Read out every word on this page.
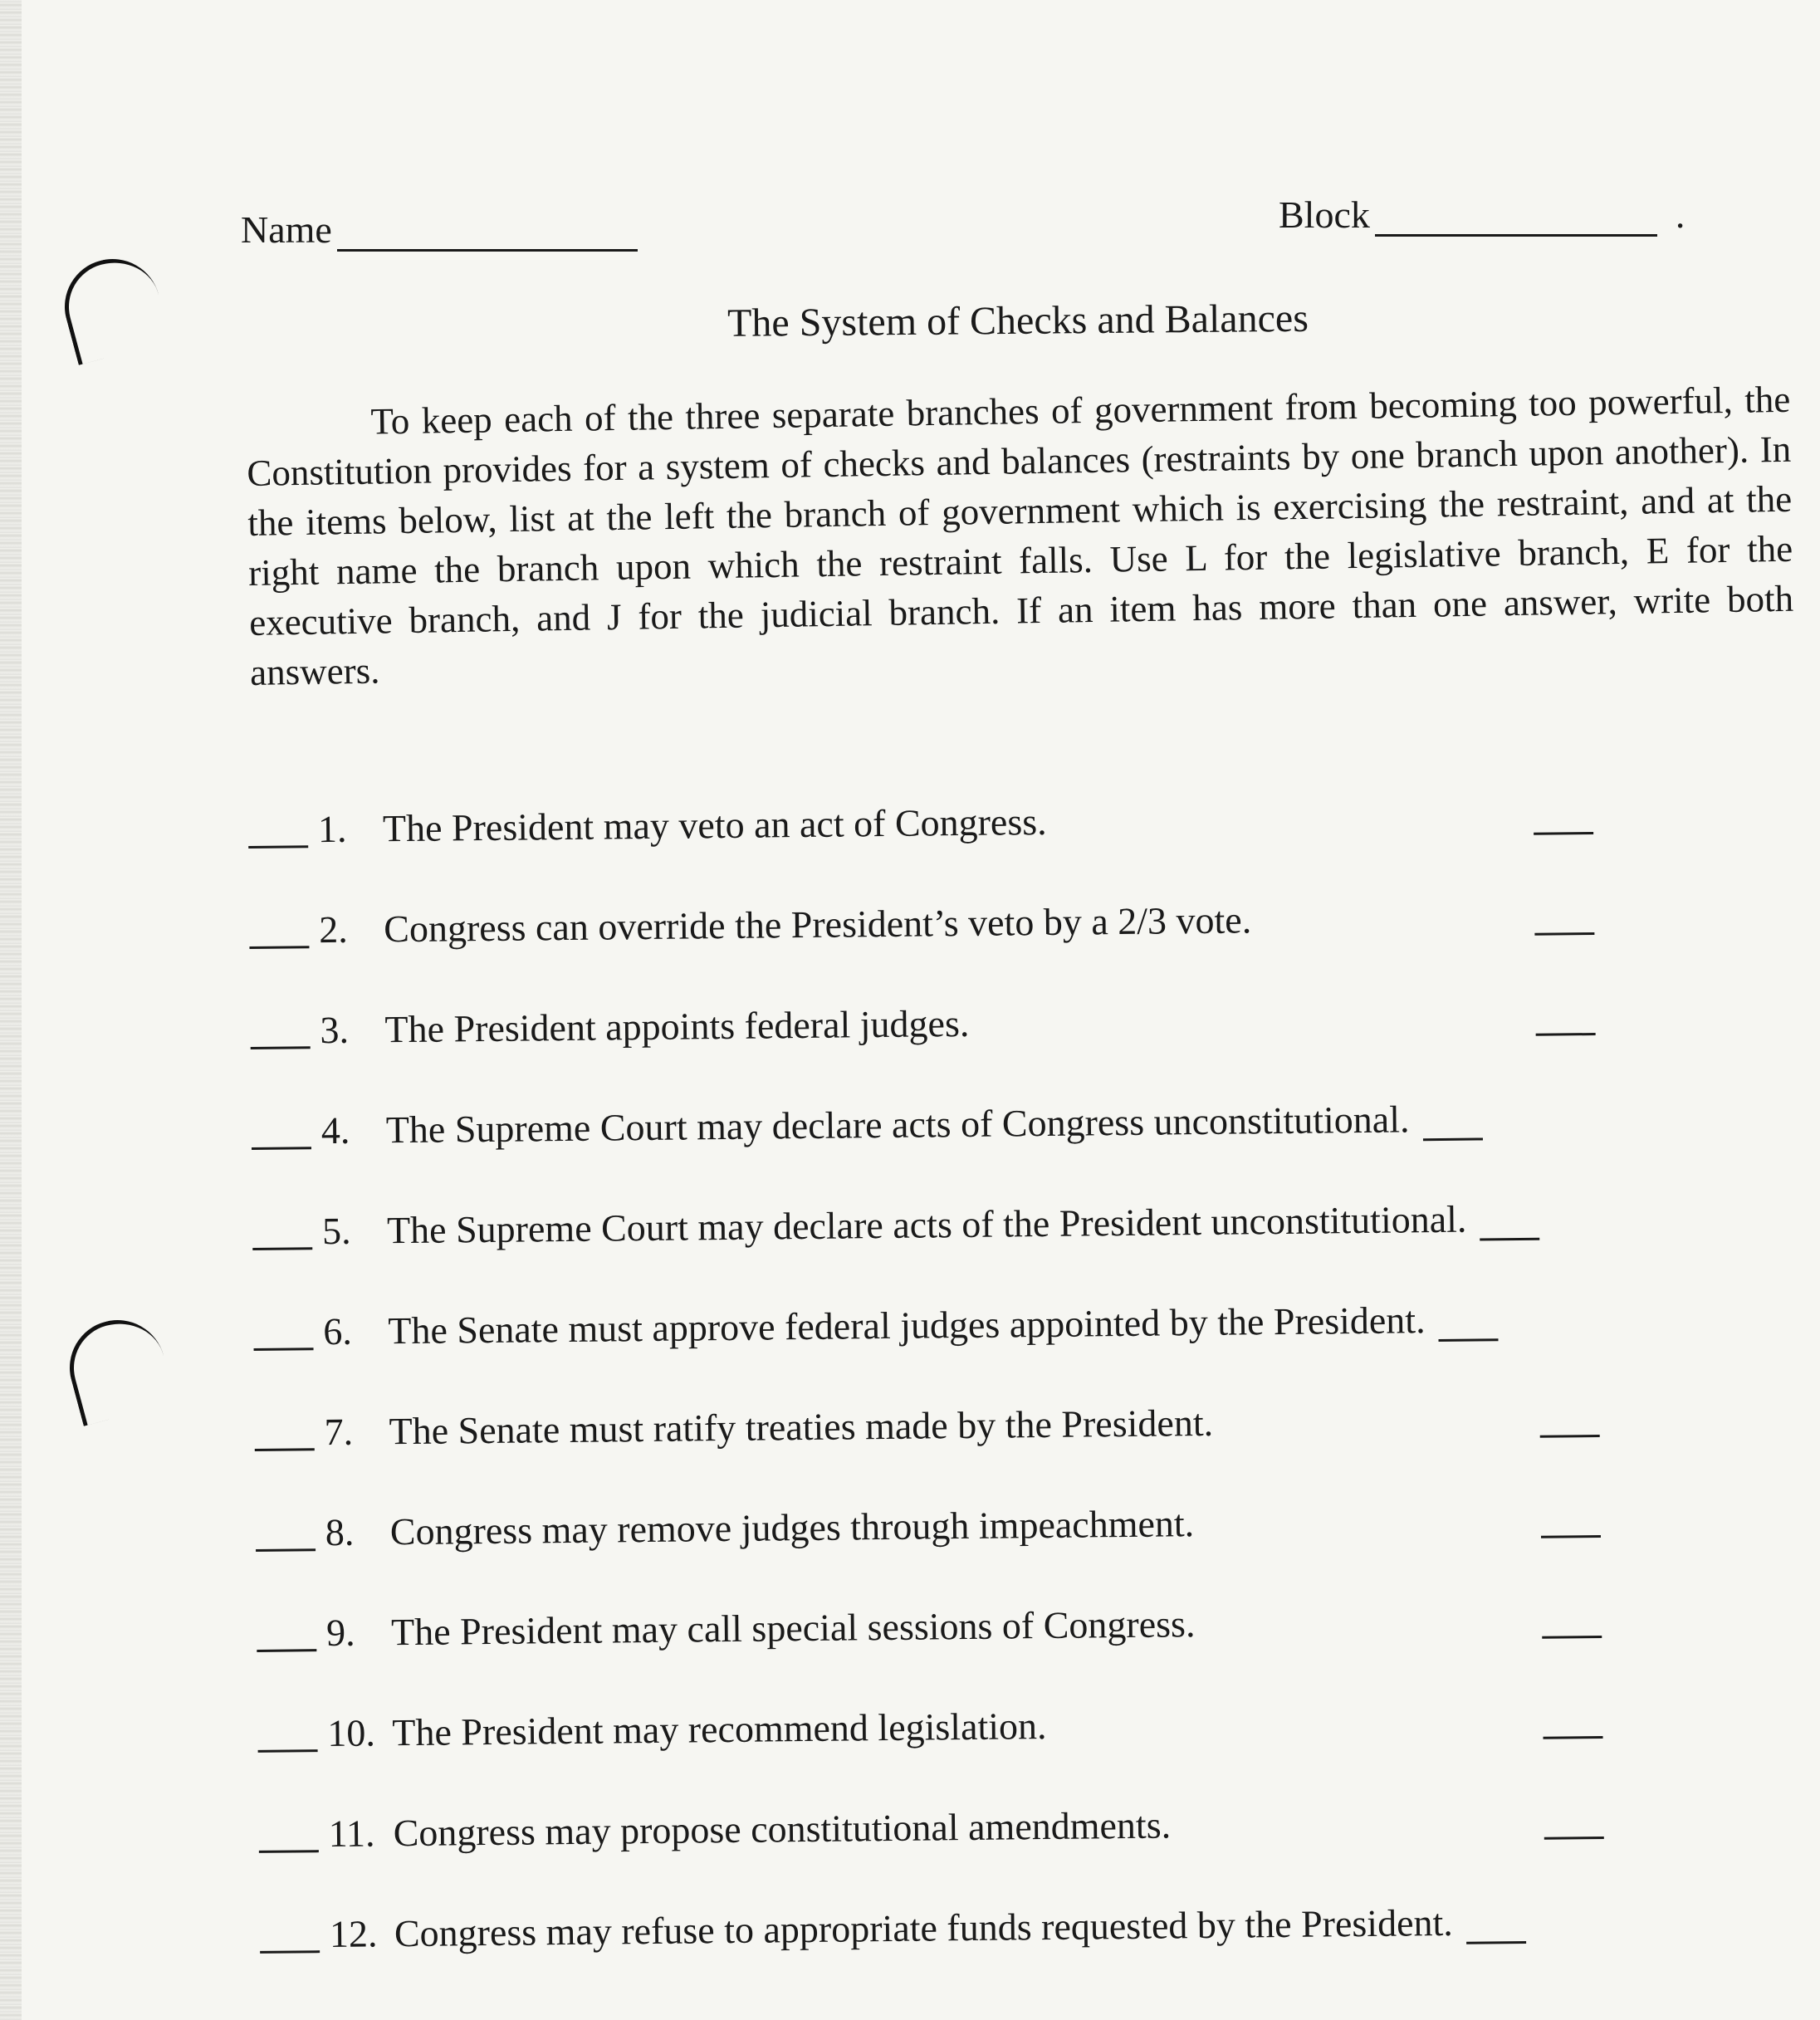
Name	Block	.
The System of Checks and Balances

To keep each of the three separate branches of government from becoming too powerful, the Constitution provides for a system of checks and balances (restraints by one branch upon another). In the items below, list at the left the branch of government which is exercising the restraint, and at the right name the branch upon which the restraint falls. Use L for the legislative branch, E for the executive branch, and J for the judicial branch. If an item has more than one answer, write both answers.

1. The President may veto an act of Congress.
2. Congress can override the President’s veto by a 2/3 vote.
3. The President appoints federal judges.
4. The Supreme Court may declare acts of Congress unconstitutional.
5. The Supreme Court may declare acts of the President unconstitutional.
6. The Senate must approve federal judges appointed by the President.
7. The Senate must ratify treaties made by the President.
8. Congress may remove judges through impeachment.
9. The President may call special sessions of Congress.
10. The President may recommend legislation.
11. Congress may propose constitutional amendments.
12. Congress may refuse to appropriate funds requested by the President.
